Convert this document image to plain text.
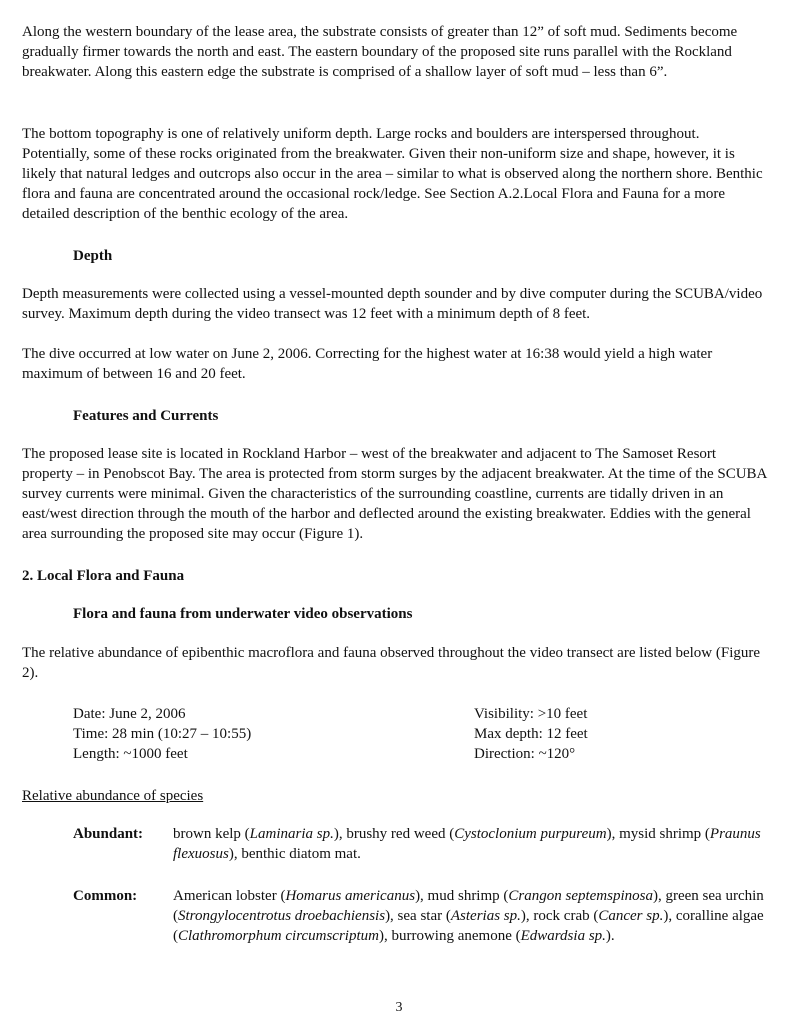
Along the western boundary of the lease area, the substrate consists of greater than 12” of soft mud. Sediments become gradually firmer towards the north and east. The eastern boundary of the proposed site runs parallel with the Rockland breakwater. Along this eastern edge the substrate is comprised of a shallow layer of soft mud – less than 6”.

The bottom topography is one of relatively uniform depth. Large rocks and boulders are interspersed throughout. Potentially, some of these rocks originated from the breakwater. Given their non-uniform size and shape, however, it is likely that natural ledges and outcrops also occur in the area – similar to what is observed along the northern shore. Benthic flora and fauna are concentrated around the occasional rock/ledge. See Section A.2.Local Flora and Fauna for a more detailed description of the benthic ecology of the area.

Depth

Depth measurements were collected using a vessel-mounted depth sounder and by dive computer during the SCUBA/video survey. Maximum depth during the video transect was 12 feet with a minimum depth of 8 feet.

The dive occurred at low water on June 2, 2006. Correcting for the highest water at 16:38 would yield a high water maximum of between 16 and 20 feet.

Features and Currents

The proposed lease site is located in Rockland Harbor – west of the breakwater and adjacent to The Samoset Resort property – in Penobscot Bay. The area is protected from storm surges by the adjacent breakwater. At the time of the SCUBA survey currents were minimal. Given the characteristics of the surrounding coastline, currents are tidally driven in an east/west direction through the mouth of the harbor and deflected around the existing breakwater. Eddies with the general area surrounding the proposed site may occur (Figure 1).

2. Local Flora and Fauna

Flora and fauna from underwater video observations

The relative abundance of epibenthic macroflora and fauna observed throughout the video transect are listed below (Figure 2).

Date: June 2, 2006
Time: 28 min (10:27 – 10:55)
Length: ~1000 feet
Visibility: >10 feet
Max depth: 12 feet
Direction: ~120°

Relative abundance of species

Abundant: brown kelp (Laminaria sp.), brushy red weed (Cystoclonium purpureum), mysid shrimp (Praunus flexuosus), benthic diatom mat.

Common: American lobster (Homarus americanus), mud shrimp (Crangon septemspinosa), green sea urchin (Strongylocentrotus droebachiensis), sea star (Asterias sp.), rock crab (Cancer sp.), coralline algae (Clathromorphum circumscriptum), burrowing anemone (Edwardsia sp.).

3
